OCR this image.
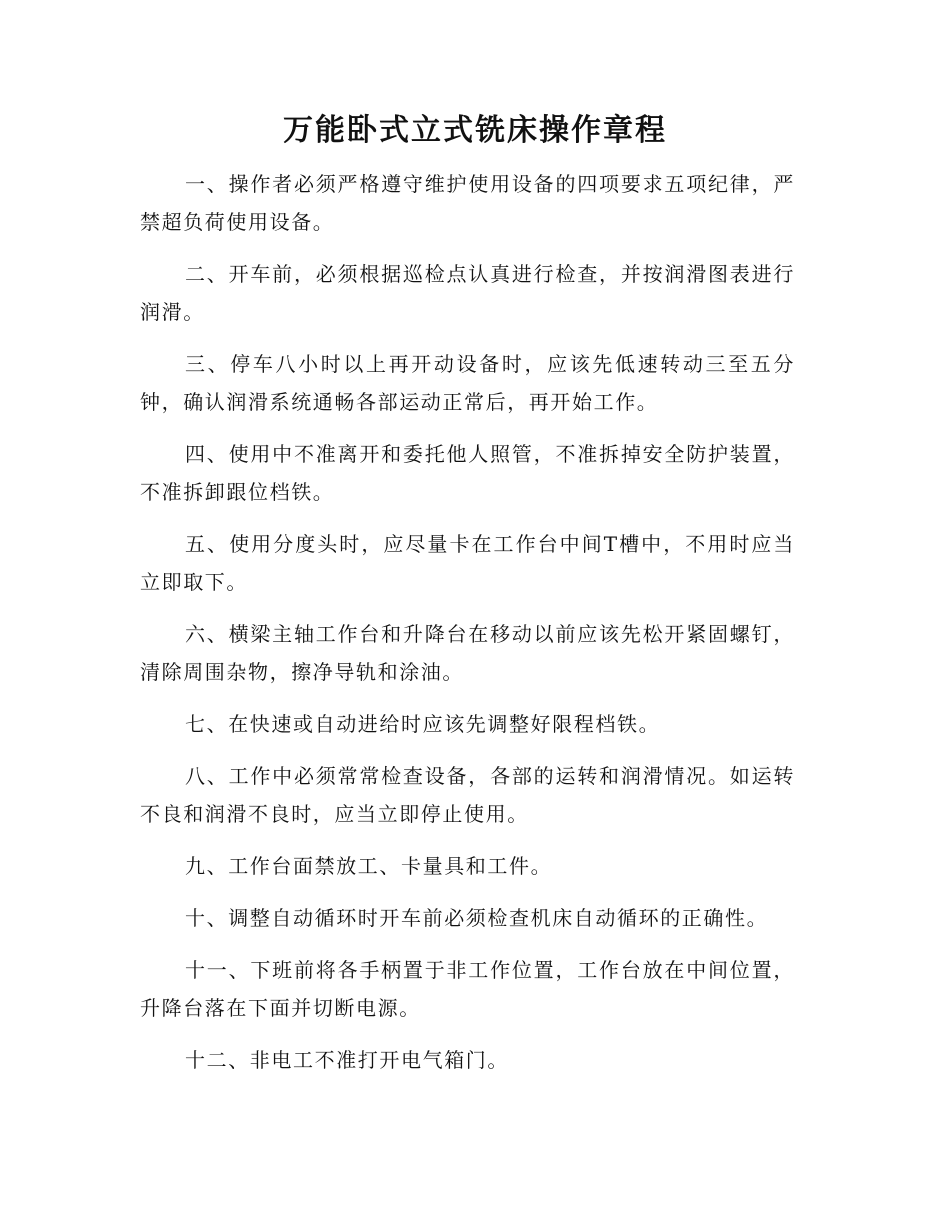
万能卧式立式铣床操作章程

一、操作者必须严格遵守维护使用设备的四项要求五项纪律，严禁超负荷使用设备。

二、开车前，必须根据巡检点认真进行检查，并按润滑图表进行润滑。

三、停车八小时以上再开动设备时，应该先低速转动三至五分钟，确认润滑系统通畅各部运动正常后，再开始工作。

四、使用中不准离开和委托他人照管，不准拆掉安全防护装置，不准拆卸跟位档铁。

五、使用分度头时，应尽量卡在工作台中间T槽中，不用时应当立即取下。

六、横梁主轴工作台和升降台在移动以前应该先松开紧固螺钉，清除周围杂物，擦净导轨和涂油。

七、在快速或自动进给时应该先调整好限程档铁。

八、工作中必须常常检查设备，各部的运转和润滑情况。如运转不良和润滑不良时，应当立即停止使用。

九、工作台面禁放工、卡量具和工件。

十、调整自动循环时开车前必须检查机床自动循环的正确性。

十一、下班前将各手柄置于非工作位置，工作台放在中间位置，升降台落在下面并切断电源。

十二、非电工不准打开电气箱门。
